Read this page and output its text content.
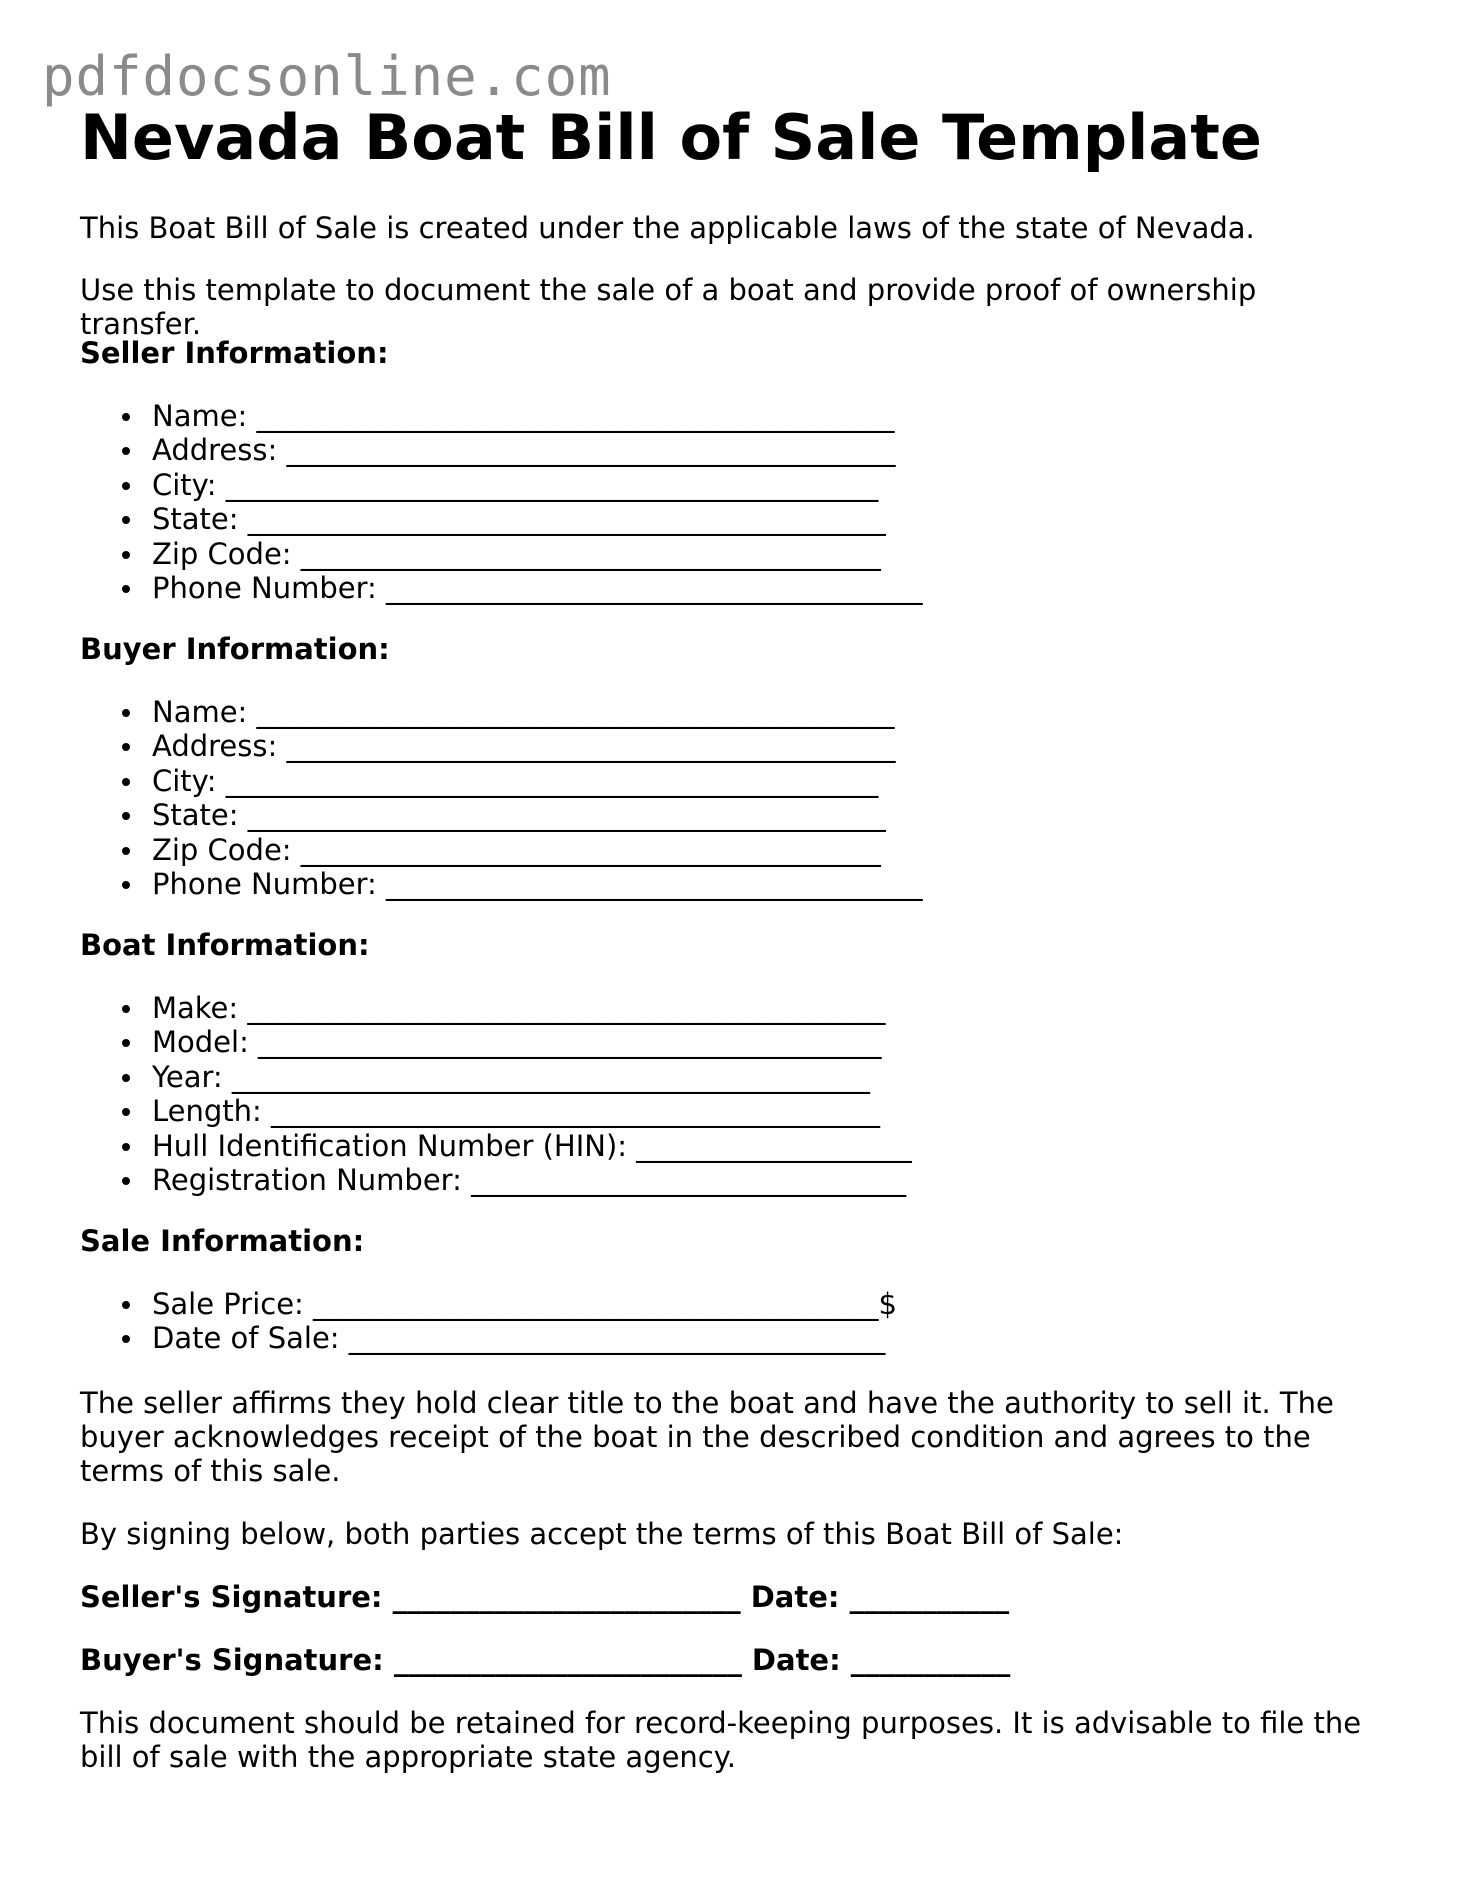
pdfdocsonline.com
Nevada Boat Bill of Sale Template

This Boat Bill of Sale is created under the applicable laws of the state of Nevada.

Use this template to document the sale of a boat and provide proof of ownership transfer.

Seller Information:
Name: ____________________________________________
Address: __________________________________________
City: _____________________________________________
State: ____________________________________________
Zip Code: ________________________________________
Phone Number: _____________________________________
Buyer Information:
Name: ____________________________________________
Address: __________________________________________
City: _____________________________________________
State: ____________________________________________
Zip Code: ________________________________________
Phone Number: _____________________________________
Boat Information:
Make: ____________________________________________
Model: ___________________________________________
Year: ____________________________________________
Length: __________________________________________
Hull Identification Number (HIN): ___________________
Registration Number: ______________________________
Sale Information:
Sale Price: _______________________________________$
Date of Sale: _____________________________________

The seller affirms they hold clear title to the boat and have the authority to sell it. The buyer acknowledges receipt of the boat in the described condition and agrees to the terms of this sale.

By signing below, both parties accept the terms of this Boat Bill of Sale:

Seller's Signature: ________________________ Date: ___________
Buyer's Signature: ________________________ Date: ___________

This document should be retained for record-keeping purposes. It is advisable to file the bill of sale with the appropriate state agency.
